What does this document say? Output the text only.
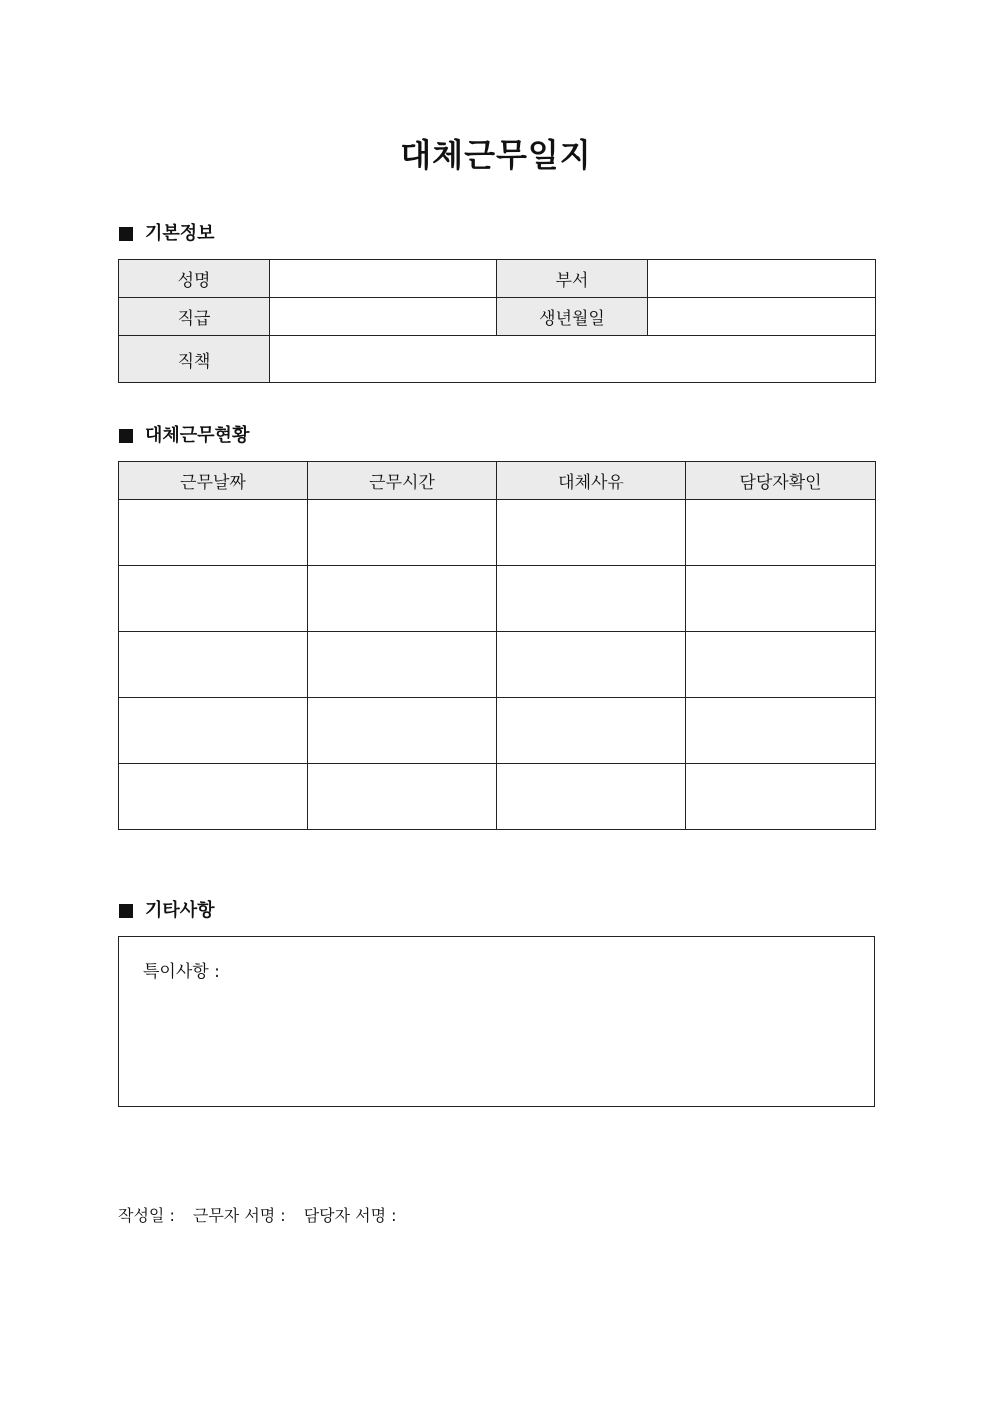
대체근무일지
기본정보
성명		부서	
직급		생년월일	
직책			
대체근무현황
근무날짜	근무시간	대체사유	담당자확인

기타사항
특이사항 :
작성일 : 근무자 서명 : 담당자 서명 :
